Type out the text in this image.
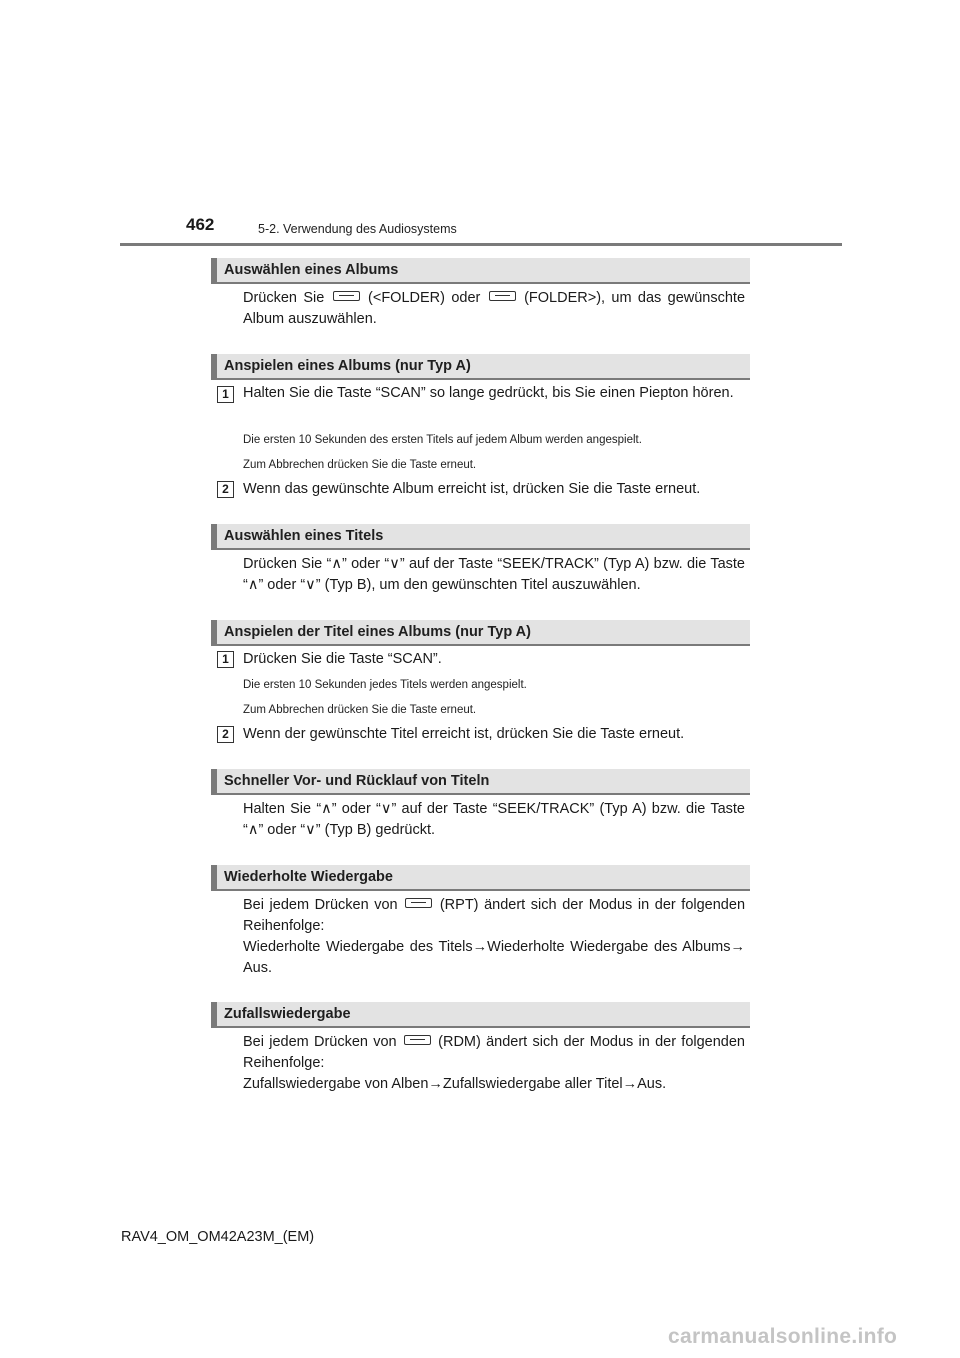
462	5-2. Verwendung des Audiosystems
Auswählen eines Albums
Drücken Sie	(<FOLDER) oder	(FOLDER>), um das gewünschte Album auszuwählen.
Anspielen eines Albums (nur Typ A)
1 Halten Sie die Taste “SCAN” so lange gedrückt, bis Sie einen Piepton hören.
Die ersten 10 Sekunden des ersten Titels auf jedem Album werden angespielt.
Zum Abbrechen drücken Sie die Taste erneut.
2 Wenn das gewünschte Album erreicht ist, drücken Sie die Taste erneut.
Auswählen eines Titels
Drücken Sie “∧” oder “∨” auf der Taste “SEEK/TRACK” (Typ A) bzw. die Taste “∧” oder “∨” (Typ B), um den gewünschten Titel auszuwählen.
Anspielen der Titel eines Albums (nur Typ A)
1 Drücken Sie die Taste “SCAN”.
Die ersten 10 Sekunden jedes Titels werden angespielt.
Zum Abbrechen drücken Sie die Taste erneut.
2 Wenn der gewünschte Titel erreicht ist, drücken Sie die Taste erneut.
Schneller Vor- und Rücklauf von Titeln
Halten Sie “∧” oder “∨” auf der Taste “SEEK/TRACK” (Typ A) bzw. die Taste “∧” oder “∨” (Typ B) gedrückt.
Wiederholte Wiedergabe
Bei jedem Drücken von	(RPT) ändert sich der Modus in der folgenden Reihenfolge:
Wiederholte Wiedergabe des Titels→Wiederholte Wiedergabe des Albums→ Aus.
Zufallswiedergabe
Bei jedem Drücken von	(RDM) ändert sich der Modus in der folgenden Reihenfolge:
Zufallswiedergabe von Alben→Zufallswiedergabe aller Titel→Aus.
RAV4_OM_OM42A23M_(EM)
carmanualsonline.info
